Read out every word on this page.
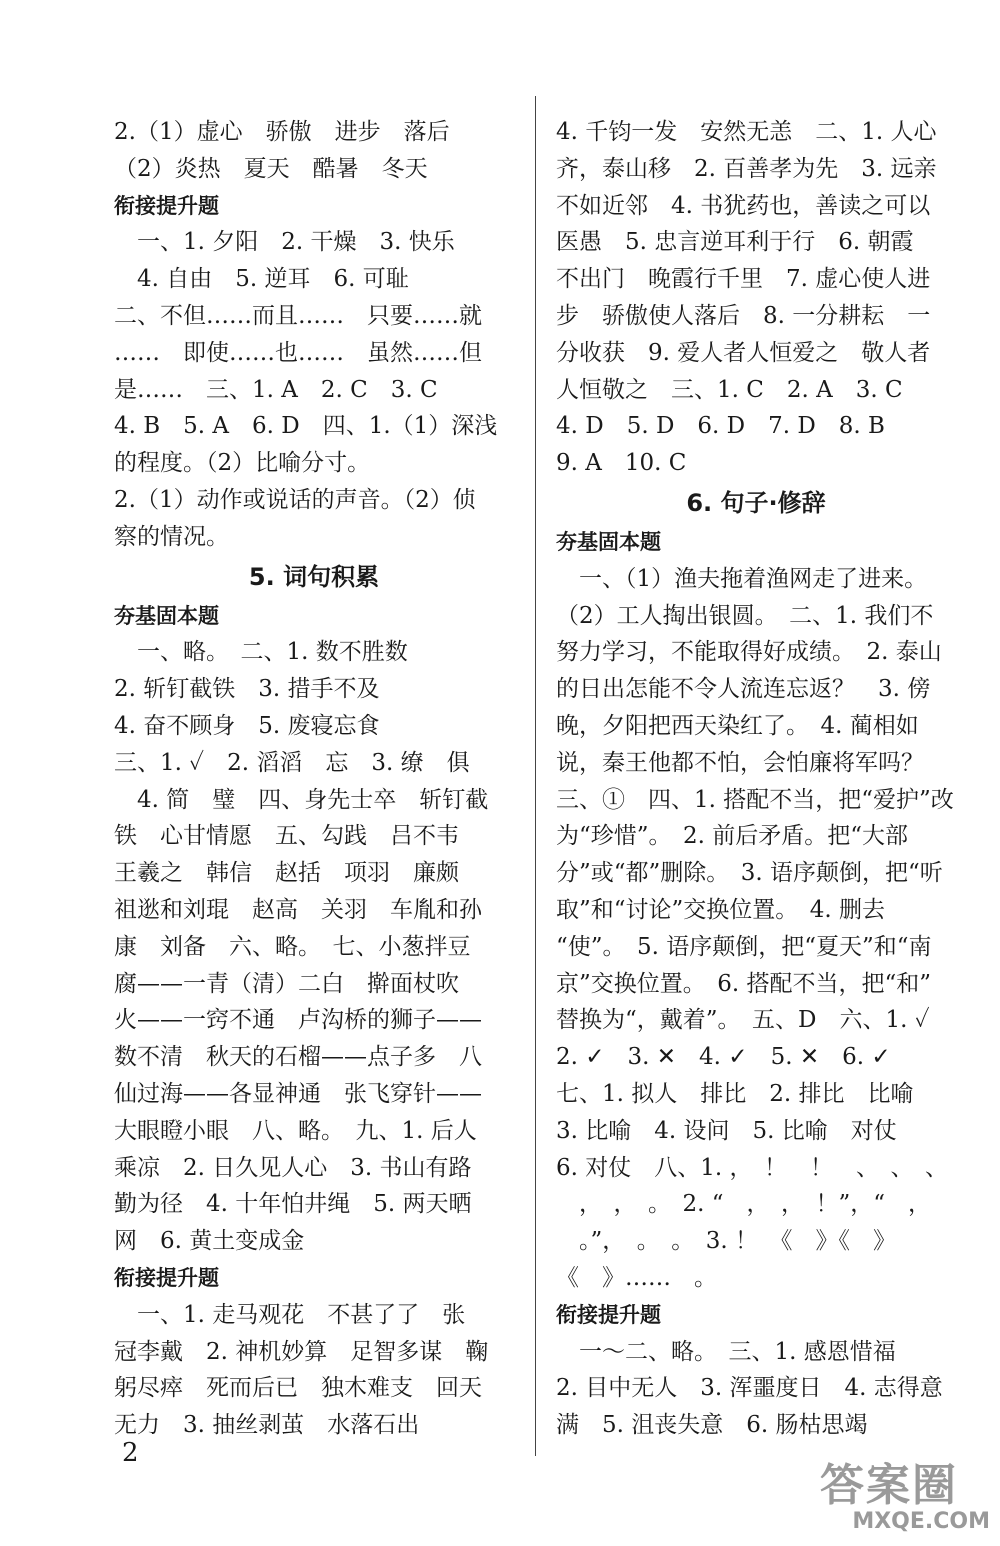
2.（1）虚心　骄傲　进步　落后
（2）炎热　夏天　酷暑　冬天
衔接提升题
　一、1. 夕阳　2. 干燥　3. 快乐
　4. 自由　5. 逆耳　6. 可耻
二、不但……而且……　只要……就
……　即使……也……　虽然……但
是……　三、1. A　2. C　3. C
4. B　5. A　6. D　四、1.（1）深浅
的程度。（2）比喻分寸。
2.（1）动作或说话的声音。（2）侦
察的情况。
5. 词句积累
夯基固本题
　一、略。　二、1. 数不胜数
2. 斩钉截铁　3. 措手不及
4. 奋不顾身　5. 废寝忘食
三、1. ✓　2. 滔滔　忘　3. 缭　俱
　4. 简　璧　四、身先士卒　斩钉截
铁　心甘情愿　五、勾践　吕不韦
王羲之　韩信　赵括　项羽　廉颇
祖逖和刘琨　赵高　关羽　车胤和孙
康　刘备　六、略。　七、小葱拌豆
腐——一青（清）二白　擀面杖吹
火——一窍不通　卢沟桥的狮子——
数不清　秋天的石榴——点子多　八
仙过海——各显神通　张飞穿针——
大眼瞪小眼　八、略。　九、1. 后人
乘凉　2. 日久见人心　3. 书山有路
勤为径　4. 十年怕井绳　5. 两天晒
网　6. 黄土变成金
衔接提升题
　一、1. 走马观花　不甚了了　张
冠李戴　2. 神机妙算　足智多谋　鞠
躬尽瘁　死而后已　独木难支　回天
无力　3. 抽丝剥茧　水落石出
4. 千钧一发　安然无恙　二、1. 人心
齐，泰山移　2. 百善孝为先　3. 远亲
不如近邻　4. 书犹药也，善读之可以
医愚　5. 忠言逆耳利于行　6. 朝霞
不出门　晚霞行千里　7. 虚心使人进
步　骄傲使人落后　8. 一分耕耘　一
分收获　9. 爱人者人恒爱之　敬人者
人恒敬之　三、1. C　2. A　3. C
4. D　5. D　6. D　7. D　8. B
9. A　10. C
6. 句子·修辞
夯基固本题
　一、（1）渔夫拖着渔网走了进来。
（2）工人掏出银圆。　二、1. 我们不
努力学习，不能取得好成绩。　2. 泰山
的日出怎能不令人流连忘返？　3. 傍
晚，夕阳把西天染红了。　4. 蔺相如
说，秦王他都不怕，会怕廉将军吗？
三、①　四、1. 搭配不当，把“爱护”改
为“珍惜”。　2. 前后矛盾。把“大部
分”或“都”删除。　3. 语序颠倒，把“听
取”和“讨论”交换位置。　4. 删去
“使”。　5. 语序颠倒，把“夏天”和“南
京”交换位置。　6. 搭配不当，把“和”
替换为“，戴着”。　五、D　六、1. ✓
2. ✓　3. ✕　4. ✓　5. ✕　6. ✓
七、1. 拟人　排比　2. 排比　比喻
3. 比喻　4. 设问　5. 比喻　对仗
6. 对仗　八、1. ，　！　！　、　、　、
　，　，　。　2. “　，　，　！”，“　，
　。”，　。　。　3. ！　《　》《　》
《　》……　。
衔接提升题
　一～二、略。　三、1. 感恩惜福
2. 目中无人　3. 浑噩度日　4. 志得意
满　5. 沮丧失意　6. 肠枯思竭
2
答案圈
MXQE.COM
